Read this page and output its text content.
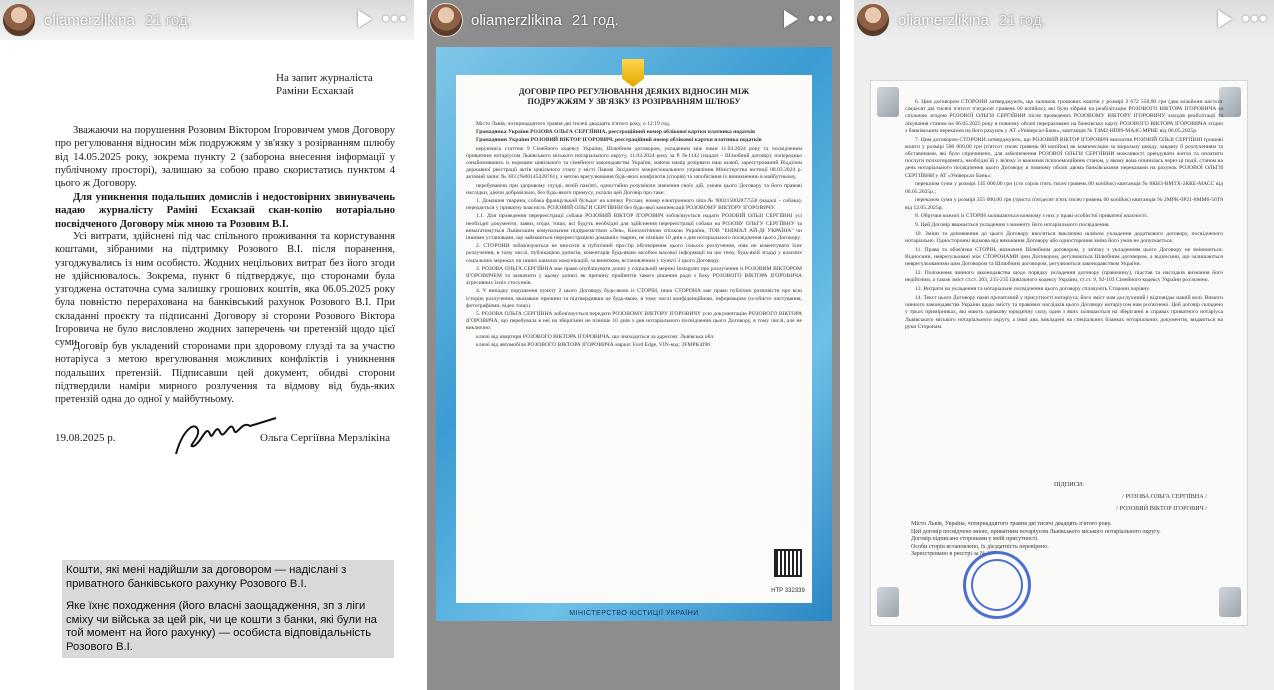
oliamerzlikina 21 год.	•••
На запит журналіста
Раміни Есхакзай

Зважаючи на порушення Розовим Віктором Ігоровичем умов Договору про регулювання відносин між подружжям у зв'язку з розірванням шлюбу від 14.05.2025 року, зокрема пункту 2 (заборона внесення інформації у публічному просторі), залишаю за собою право скористатись пунктом 4 цього ж Договору.

Для уникнення подальших домислів і недостовірних звинувачень надаю журналісту Раміні Есхакзай скан-копію нотаріально посвідченого Договору між мною та Розовим В.І.

Усі витрати, здійснені під час спільного проживання та користування коштами, зібраними на підтримку Розового В.І. після поранення, узгоджувались із ним особисто. Жодних нецільових витрат без його згоди не здійснювалось. Зокрема, пункт 6 підтверджує, що сторонами була узгоджена остаточна сума залишку грошових коштів, яка 06.05.2025 року була повністю перерахована на банківський рахунок Розового В.І. При складанні проєкту та підписанні Договору зі сторони Розового Віктора Ігоровича не було висловлено жодних заперечень чи претензій щодо цієї суми.

Договір був укладений сторонами при здоровому глузді та за участю нотаріуса з метою врегулювання можливих конфліктів і уникнення подальших претензій. Підписавши цей документ, обидві сторони підтвердили наміри мирного розлучення та відмову від будь-яких претензій одна до одної у майбутньому.

19.08.2025 р.	Ольга Сергіївна Мерзлікіна

Кошти, які мені надійшли за договором — надіслані з приватного банківського рахунку Розового В.І.

Яке їхнє походження (його власні заощадження, зп з ліги сміху чи війська за цей рік, чи це кошти з банки, які були на той момент на його рахунку) — особиста відповідальність Розового В.І.

oliamerzlikina 21 год.	•••
ДОГОВІР ПРО РЕГУЛЮВАННЯ ДЕЯКИХ ВІДНОСИН МІЖ ПОДРУЖЖЯМ У ЗВ'ЯЗКУ ІЗ РОЗІРВАННЯМ ШЛЮБУ

Місто Львів, чотирнадцятого травня дві тисячі двадцять п'ятого року, о 12:19 год.

Громадянка України РОЗОВА ОЛЬГА СЕРГІЇВНА, реєстраційний номер облікової картки платника податків

Громадянин України РОЗОВИЙ ВІКТОР ІГОРОВИЧ, реєстраційний номер облікової картки платника податків

керуючись статтею 9 Сімейного кодексу України, Шлюбним договором, укладеним між нами 11.03.2024 року та посвідченим приватним нотаріусом Львівського міського нотаріального округу, 11.03.2024 року за Р. №1142 (надалі – Шлюбний договір), попередньо ознайомившись із нормами цивільного та сімейного законодавства України, маючи намір розірвати наш шлюб, зареєстрований Відділом державної реєстрації актів цивільного стану у місті Львові Західного міжрегіонального управління Міністерства юстиції 08.03.2024 р. актовий запис № 383 (№00145428761), з метою врегулювання будь-яких конфліктів (спорів) та запобігання їх виникненню в майбутньому,

перебуваючи при здоровому глузді, ясній пам'яті, одностайно розуміючи значення своїх дій, умови цього Договору та його правові наслідки, діючи добровільно, без будь-якого примусу, уклали цей Договір про таке:

1. Домашня тварина, собака французький бульдог на кличку Руслан, номер електронного чіпа № 900215002877558 (надалі – собака), передається у приватну власність РОЗОВИЙ ОЛЬГИ СЕРГІЇВНИ без будь-якої компенсації РОЗОВОМУ ВІКТОРУ ІГОРОВИЧУ.

1.1. Для проведення перереєстрації собаки РОЗОВИЙ ВІКТОР ІГОРОВИЧ зобов'язується надати РОЗОВІЙ ОЛЬЗІ СЕРГІЇВНІ усі необхідні документи, заяви, згоди, тощо, всі будуть необхідні для здійснення перереєстрації собаки на РОЗОВУ ОЛЬГУ СЕРГІЇВНУ та вимагатимуться Львівським комунальним підприємством «Лев», Кінологічною спілкою України, ТОВ "ЕНІМАЛ АЙ-ДІ УКРАЇНА" чи іншими установами, що займаються перереєстрацією домашніх тварин, не пізніше 10 днів з дня нотаріального посвідчення цього Договору.

2. СТОРОНИ зобов'язуються не вносити в публічний простір обговорення цього їхнього розлучення, ніяк не коментувати їхнє розлучення, в тому числі, публікацією дописів, коментарів будь-яким засобом масової інформації на цю тему, будь-якій згадці у власних соціальних мережах чи інших каналах комунікацій, за винятком, встановленим у пункті 3 цього Договору.

3. РОЗОВА ОЛЬГА СЕРГІЇВНА має право опублікувати допис у соціальній мережі Instagram про розлучення із РОЗОВИМ ВІКТОРОМ ІГОРОВИЧЕМ та зазначити у цьому дописі як причину прийняття такого рішення ради з боку РОЗОВОГО ВІКТОРА ІГОРОВИЧА агресивних їхніх стосунків.

4. У випадку порушення пункту 2 цього Договору будь-якою із СТОРІН, інша СТОРОНА має право публічно розповісти про всю історію розлучення, вказавши причини та підтвердивши це будь-якою, в тому числі конфіденційною, інформацією (особисте листування, фотографіями, відео тощо).

5. РОЗОВА ОЛЬГА СЕРГІЇВНА зобов'язується передати РОЗОВОМУ ВІКТОРУ ІГОРОВИЧУ усю документацію РОЗОВОГО ВІКТОРА ІГОРОВИЧА, що перебувала в неї на зберіганні не пізніше 10 днів з дня нотаріального посвідчення цього Договору, в тому числі, але не виключно:

ключі від квартири РОЗОВОГО ВІКТОРА ІГОРОВИЧА, що знаходиться за адресою: Львівська обл.

ключі від автомобіля РОЗОВОГО ВІКТОРА ІГОРОВИЧА марки: Ford Edge, VIN-код: 2FMPK4J96

НТР 332339
МІНІСТЕРСТВО ЮСТИЦІЇ УКРАЇНИ
oliamerzlikina 21 год.	•••

6. Цим договором СТОРОНИ затверджують, що залишок грошових коштів у розмірі 2 672 550,00 грн (два мільйони шістсот сімдесят дві тисячі п'ятсот п'ятдесят гривень 00 копійок), які були зібрані на реабілітацію РОЗОВОГО ВІКТОРА ІГОРОВИЧА за спільною згодою РОЗОВОЇ ОЛЬГИ СЕРГІЇВНИ після проведених РОЗОВОМУ ВІКТОРУ ІГОРОВИЧУ заходів реабілітації та лікування станом на 06.05.2025 року в повному обсязі перераховано на банківську карту РОЗОВОГО ВІКТОРА ІГОРОВИЧА згідно з банківським переказом на його рахунок у АТ «Універсал Банк», квитанція № Т4М2-НП89-МА4С-МРНЕ від 06.05.2025р.

7. Цим договором СТОРОНИ затверджують, що РОЗОВИЙ ВІКТОР ІГОРОВИЧ виплатив РОЗОВІЙ ОЛЬЗІ СЕРГІЇВНІ грошові кошти у розмірі 500 000,00 грн (п'ятсот тисяч гривень 00 копійок) як компенсацію за моральну шкоду, завдану її розлученням та обставинами, які було спричинено, для забезпечення РОЗОВОЇ ОЛЬГИ СЕРГІЇВНИ можливості орендувати житло та оплатити послуги психотерапевта, необхідні їй у зв'язку із важкими психоемоційним станом, у якому вона опинилась через ці події, станом на день нотаріального посвідчення цього Договору в повному обсязі двома банківськими переказами на рахунок РОЗОВОЇ ОЛЬГИ СЕРГІЇВНИ у АТ «Універсал Банк»:

переказом суми у розмірі 145 000,00 грн (сто сорок п'ять тисяч гривень 00 копійок) квитанція № 8КН3-ВМТХ-2ККЕ-МАСС від 06.05.2025р.;

переказом суми у розмірі 355 000,00 грн (триста п'ятдесят п'ять тисяч гривень 00 копійок) квитанція № 2МРК-0Р21-8ММ6-56Т8 від 12.05.2025р;

8. Обручки кожної із СТОРІН залишаються кожному з них у праві особистої приватної власності.

9. Цей Договір вважається укладеним з моменту його нотаріального посвідчення.

10. Зміни та доповнення до цього Договору вносяться виключно шляхом укладення додаткового договору, посвідченого нотаріально. Односторонні відмова від виконання Договору або одностороння зміна його умов не допускається.

11. Права та обов'язки СТОРІН, визначені Шлюбним договором, у зв'язку з укладенням цього Договору не змінюються. Відносини, неврегульовані між СТОРОНАМИ цим Договором, регулюються Шлюбним договором, а відносини, що залишаються неврегульованими цим Договором та Шлюбним договором, регулюються законодавством України.

12. Положення чинного законодавства щодо порядку укладення договору (правочину), підстав та наслідків визнання його недійсним, а також зміст ст.ст. 203, 215-235 Цивільного кодексу України, ст.ст. 9, 92-103 Сімейного кодексу України роз'яснено.

13. Витрати на укладення та нотаріальне посвідчення цього договору сплачують Сторони порівну.

14. Текст цього Договору нами прочитаний у присутності нотаріуса, його зміст нам дослухиний і відповідає нашій волі. Вимоги чинного законодавства України щодо змісту та правових наслідків цього Договору нотаріусом нам роз'яснено. Цей договір складено у трьох примірниках, які мають однакову юридичну силу, один з яких залишається на зберіганні в справах приватного нотаріуса Львівського міського нотаріального округу, а інші два, викладені на спеціальних бланках нотаріальних документів, видаються на руки Сторонам.

ПІДПИСИ:
/ РОЗОВА ОЛЬГА СЕРГІЇВНА /
/ РОЗОВИЙ ВІКТОР ІГОРОВИЧ /
Місто Львів, Україна, чотирнадцятого травня дві тисячі двадцять п'ятого року.
Цей договір посвідчено мною, приватним нотаріусом Львівського міського нотаріального округу.
Договір підписано сторонами у моїй присутності.
Особи сторін встановлено, їх дієздатність перевірено.
Зареєстровано в реєстрі за № 137
